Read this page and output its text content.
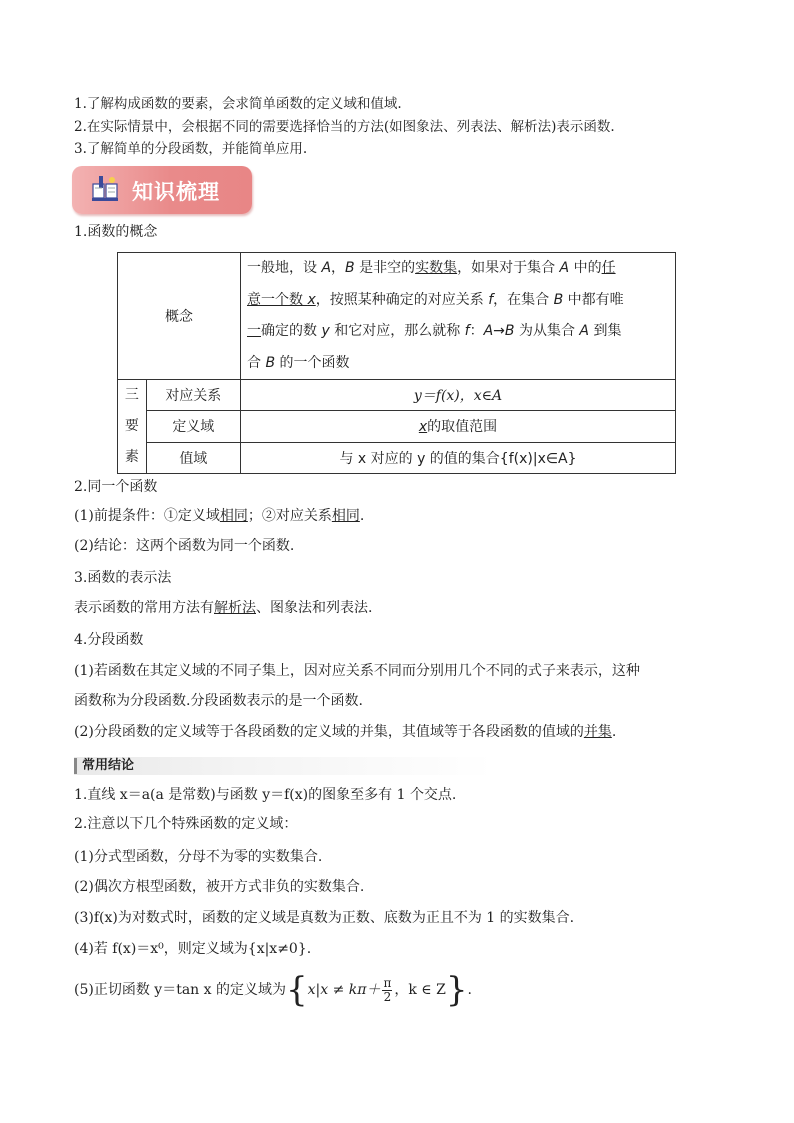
1.了解构成函数的要素，会求简单函数的定义域和值域.
2.在实际情景中，会根据不同的需要选择恰当的方法(如图象法、列表法、解析法)表示函数.
3.了解简单的分段函数，并能简单应用.
知识梳理
1.函数的概念
概念		一般地，设 A，B 是非空的实数集，如果对于集合 A 中的任
意一个数 x，按照某种确定的对应关系 f，在集合 B 中都有唯
一确定的数 y 和它对应，那么就称 f：A→B 为从集合 A 到集
合 B 的一个函数

三
要
素	对应关系	y＝f(x)，x∈A
	定义域	x的取值范围
	值域	与 x 对应的 y 的值的集合{f(x)|x∈A}
2.同一个函数
(1)前提条件：①定义域相同；②对应关系相同.
(2)结论：这两个函数为同一个函数.
3.函数的表示法
表示函数的常用方法有解析法、图象法和列表法.
4.分段函数
(1)若函数在其定义域的不同子集上，因对应关系不同而分别用几个不同的式子来表示，这种
函数称为分段函数.分段函数表示的是一个函数.
(2)分段函数的定义域等于各段函数的定义域的并集，其值域等于各段函数的值域的并集.
常用结论
1.直线 x＝a(a 是常数)与函数 y＝f(x)的图象至多有 1 个交点.
2.注意以下几个特殊函数的定义域：
(1)分式型函数，分母不为零的实数集合.
(2)偶次方根型函数，被开方式非负的实数集合.
(3)f(x)为对数式时，函数的定义域是真数为正数、底数为正且不为 1 的实数集合.
(4)若 f(x)＝x⁰，则定义域为{x|x≠0}.
(5)正切函数 y＝tan x 的定义域为{$x|x \ne k\pi+ \frac{\pi}{2}$ ，k ∈ Z}.
